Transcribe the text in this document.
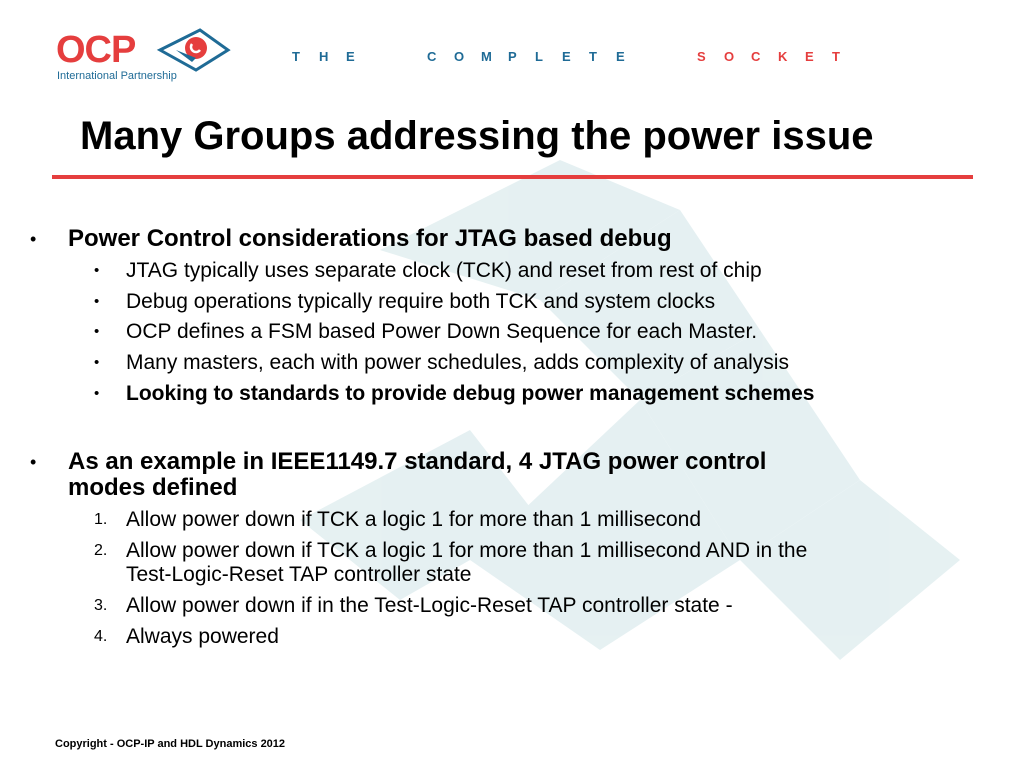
OCP
International Partnership
T H E	C O M P L E T E	S O C K E T
Many Groups addressing the power issue
• Power Control considerations for JTAG based debug
• JTAG typically uses separate clock (TCK) and reset from rest of chip
• Debug operations typically require both TCK and system clocks
• OCP defines a FSM based Power Down Sequence for each Master.
• Many masters, each with power schedules, adds complexity of analysis
• Looking to standards to provide debug power management schemes
• As an example in IEEE1149.7 standard, 4 JTAG power control
modes defined
1. Allow power down if TCK a logic 1 for more than 1 millisecond
2. Allow power down if TCK a logic 1 for more than 1 millisecond AND in the
Test-Logic-Reset TAP controller state
3. Allow power down if in the Test-Logic-Reset TAP controller state -
4. Always powered
Copyright - OCP-IP and HDL Dynamics 2012
